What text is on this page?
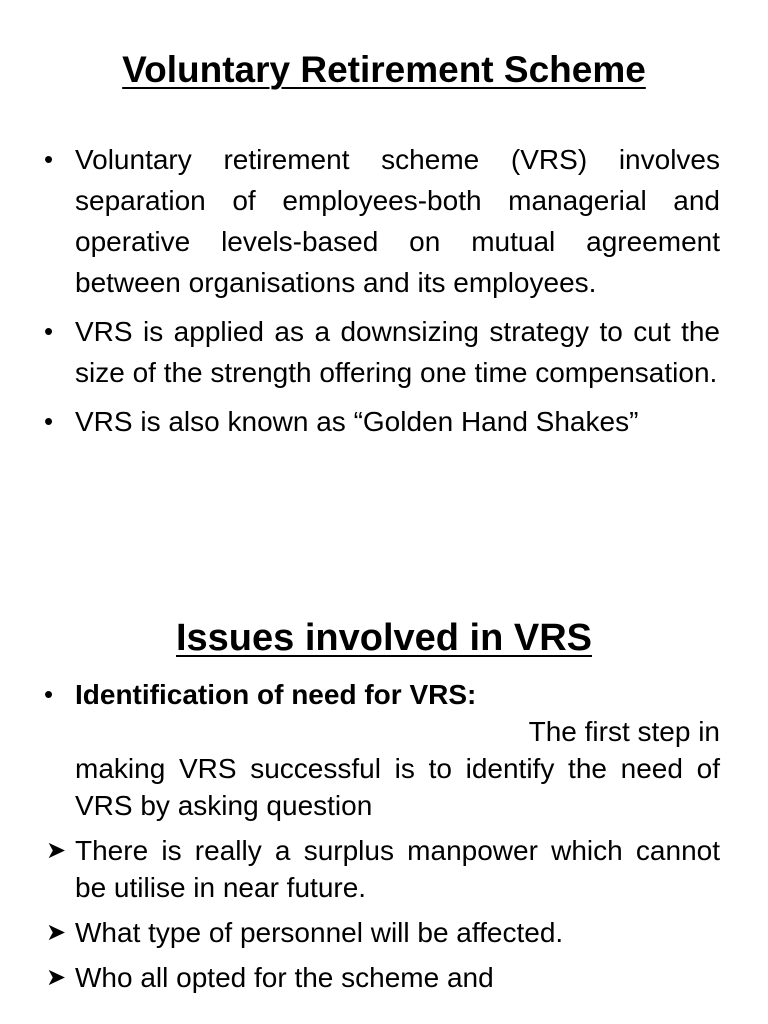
Voluntary Retirement Scheme
• Voluntary retirement scheme (VRS) involves separation of employees-both managerial and operative levels-based on mutual agreement between organisations and its employees.
• VRS is applied as a downsizing strategy to cut the size of the strength offering one time compensation.
• VRS is also known as “Golden Hand Shakes”
Issues involved in VRS
• Identification of need for VRS:
The first step in
making VRS successful is to identify the need of VRS by asking question
➤ There is really a surplus manpower which cannot be utilise in near future.
➤ What type of personnel will be affected.
➤ Who all opted for the scheme and
